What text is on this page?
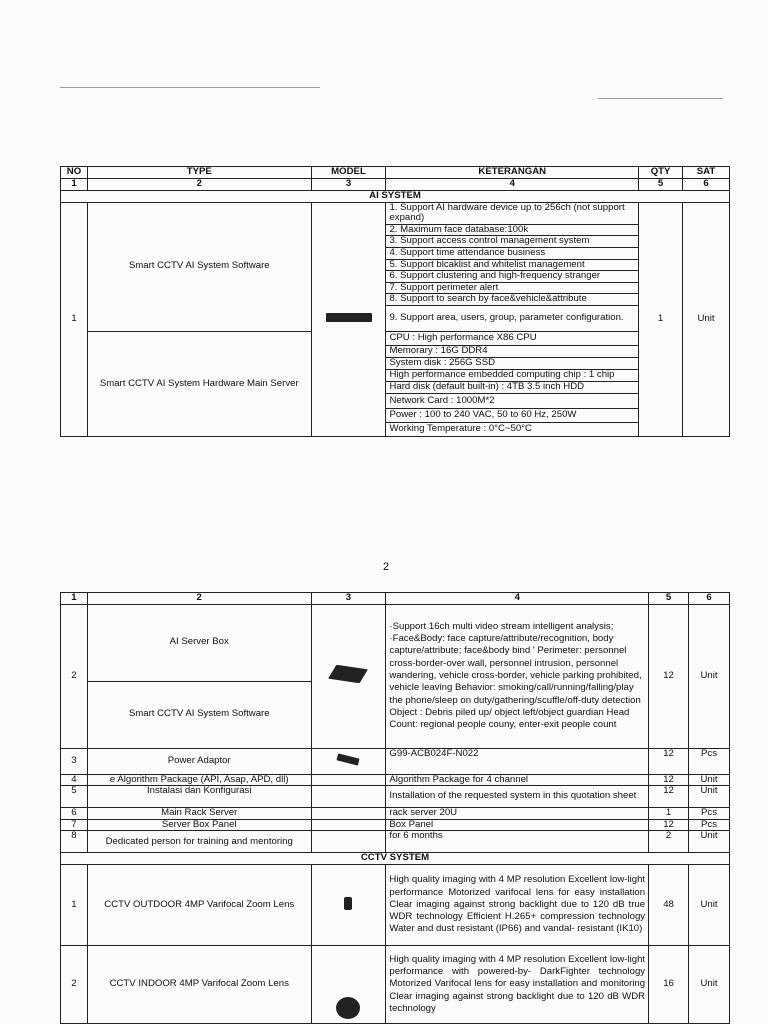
NO	TYPE	MODEL	KETERANGAN	QTY	SAT
1	2	3	4	5	6
AI SYSTEM					
1	Smart CCTV AI System Software		1. Support AI hardware device up to 256ch (not support expand)	1	Unit
			2. Maximum face database:100k		
			3. Support access control management system		
			4. Support time attendance business		
			5. Support blcaklist and whitelist management		
			6. Support clustering and high-frequency stranger		
			7. Support perimeter alert		
			8. Support to search by face&vehicle&attribute		
			9. Support area, users, group, parameter configuration.		
	Smart CCTV AI System Hardware Main Server		CPU : High performance X86 CPU		
			Memorary : 16G DDR4		
			System disk : 256G SSD		
			High performance embedded computing chip : 1 chip		
			Hard disk (default built-in) : 4TB 3.5 inch HDD		
			Network Card : 1000M*2		
			Power : 100 to 240 VAC, 50 to 60 Hz, 250W		
			Working Temperature : 0°C~50°C		
2
1	2	3	4	5	6
2	AI Server Box		·Support 16ch multi video stream intelligent analysis; ·Face&Body: face capture/attribute/recognition, body capture/attribute; face&body bind ' Perimeter: personnel cross-border-over wall, personnel intrusion, personnel wandering, vehicle cross-border, vehicle parking prohibited, vehicle leaving Behavior: smoking/call/running/falling/play the phone/sleep on duty/gathering/scuffle/off-duty detection Object : Debris piled up/ object left/object guardian Head Count: regional people couny, enter-exit people count	12	Unit
	Smart CCTV AI System Software				
3	Power Adaptor		G99-ACB024F-N022	12	Pcs
4	e Algorithm Package (API, Asap, APD, dll)		Algorithm Package for 4 channel	12	Unit
5	Instalasi dan Konfigurasi		Installation of the requested system in this quotation sheet	12	Unit
6	Main Rack Server		rack server 20U	1	Pcs
7	Server Box Panel		Box Panel	12	Pcs
8	Dedicated person for training and mentoring		for 6 months	2	Unit
CCTV SYSTEM					
1	CCTV OUTDOOR 4MP Varifocal Zoom Lens		High quality imaging with 4 MP resolution Excellent low-light performance Motorized varifocal lens for easy installation Clear imaging against strong backlight due to 120 dB true WDR technology Efficient H.265+ compression technology Water and dust resistant (IP66) and vandal- resistant (IK10)	48	Unit
2	CCTV INDOOR 4MP Varifocal Zoom Lens		High quality imaging with 4 MP resolution Excellent low-light performance with powered-by- DarkFighter technology Motorized Varifocal lens for easy installation and monitoring Clear imaging against strong backlight due to 120 dB WDR technology	16	Unit
